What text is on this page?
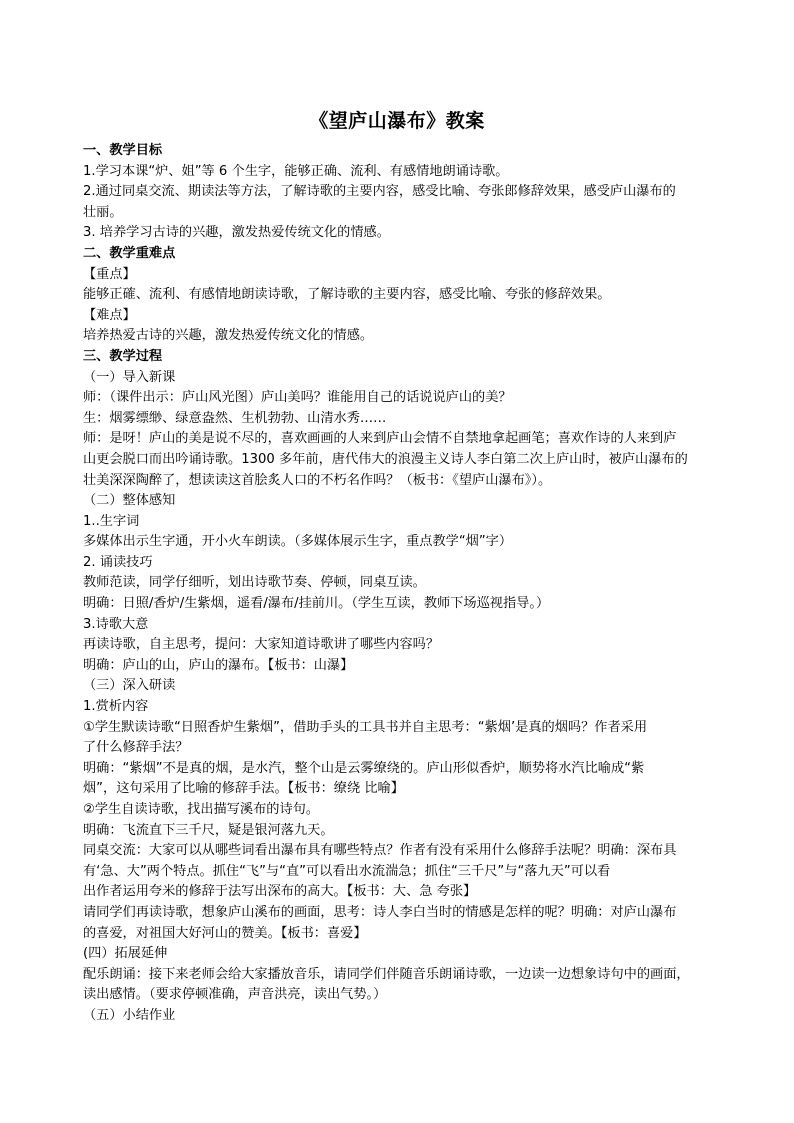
《望庐山瀑布》教案
一、教学目标
1.学习本课“炉、姐”等 6 个生字，能够正确、流利、有感情地朗诵诗歌。
2.通过同桌交流、期读法等方法，了解诗歌的主要内容，感受比喻、夸张郎修辞效果，感受庐山瀑布的
壮丽。
3. 培养学习古诗的兴趣，激发热爱传统文化的情感。
二、教学重难点
【重点】
能够正確、流利、有感情地朗读诗歌，了解诗歌的主要内容，感受比喻、夸张的修辞效果。
【难点】
培养热爱古诗的兴趣，激发热爱传统文化的情感。
三、教学过程
（一）导入新课
师：（课件出示：庐山风光图）庐山美吗？谁能用自己的话说说庐山的美？
生：烟雾缥缈、绿意盎然、生机勃勃、山清水秀……
师：是呀！庐山的美是说不尽的，喜欢画画的人来到庐山会情不自禁地拿起画笔；喜欢作诗的人来到庐
山更会脱口而出吟诵诗歌。1300 多年前，唐代伟大的浪漫主义诗人李白第二次上庐山时，被庐山瀑布的
壮美深深陶醉了，想读读这首脍炙人口的不朽名作吗？（板书：《望庐山瀑布》）。
（二）整体感知
1..生字词
多媒体出示生字通，开小火车朗读。（多媒体展示生字，重点教学“烟”字）
2. 诵读技巧
教师范读，同学仔细听，划出诗歌节奏、停顿，同桌互读。
明确：日照/香炉/生紫烟，遥看/瀑布/挂前川。（学生互读，教师下场巡视指导。）
3.诗歌大意
再读诗歌，自主思考，提问：大家知道诗歌讲了哪些内容吗？
明确：庐山的山，庐山的瀑布。【板书：山瀑】
（三）深入研读
1.赏析内容
①学生默读诗歌“日照香炉生紫烟”，借助手头的工具书并自主思考：“紫烟’是真的烟吗？作者采用
了什么修辞手法？
明确：“紫烟”不是真的烟，是水汽，整个山是云雾缭绕的。庐山形似香炉，顺势将水汽比喻成“紫
烟”，这句采用了比喻的修辞手法。【板书：缭绕 比喻】
②学生自读诗歌，找出描写溪布的诗句。
明确：飞流直下三千尺，疑是银河落九天。
同桌交流：大家可以从哪些词看出瀑布具有哪些特点？作者有没有采用什么修辞手法呢？明确：深布具
有‘急、大”两个特点。抓住“飞”与“直”可以看出水流湍急；抓住“三千尺”与“落九天”可以看
出作者运用夸米的修辞于法写出深布的高大。【板书：大、急 夸张】
请同学们再读诗歌，想象庐山溪布的画面，思考：诗人李白当时的情感是怎样的呢？明确：对庐山瀑布
的喜爱，对祖国大好河山的赞美。【板书：喜爱】
(四）拓展延伸
配乐朗诵：接下来老师会给大家播放音乐，请同学们伴随音乐朗诵诗歌，一边读一边想象诗句中的画面，
读出感情。（要求停顿准确，声音洪亮，读出气势。）
（五）小结作业
